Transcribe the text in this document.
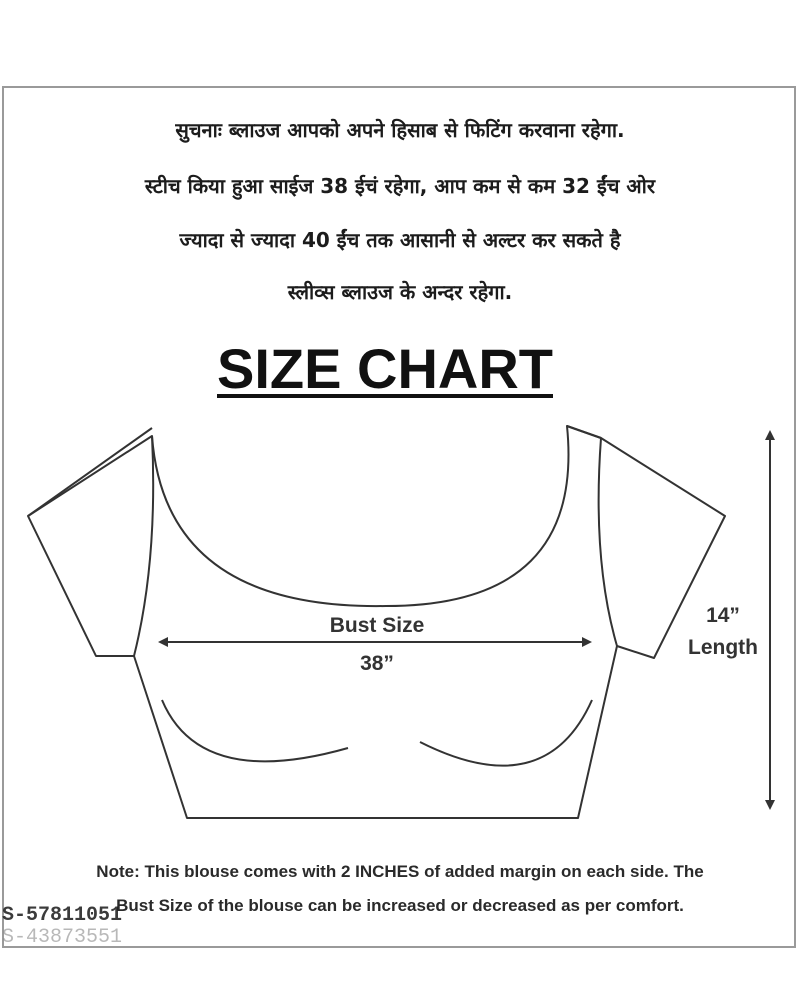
सुचनाः ब्लाउज आपको अपने हिसाब से फिटिंग करवाना रहेगा.
स्टीच किया हुआ साईज 38 ईचं रहेगा, आप कम से कम 32 ईंच ओर
ज्यादा से ज्यादा 40 ईंच तक आसानी से अल्टर कर सकते है
स्लीव्स ब्लाउज के अन्दर रहेगा.
SIZE CHART
Bust Size
38”
14”
Length
Note: This blouse comes with 2 INCHES of added margin on each side. The
Bust Size of the blouse can be increased or decreased as per comfort.
S-57811051
S-43873551
